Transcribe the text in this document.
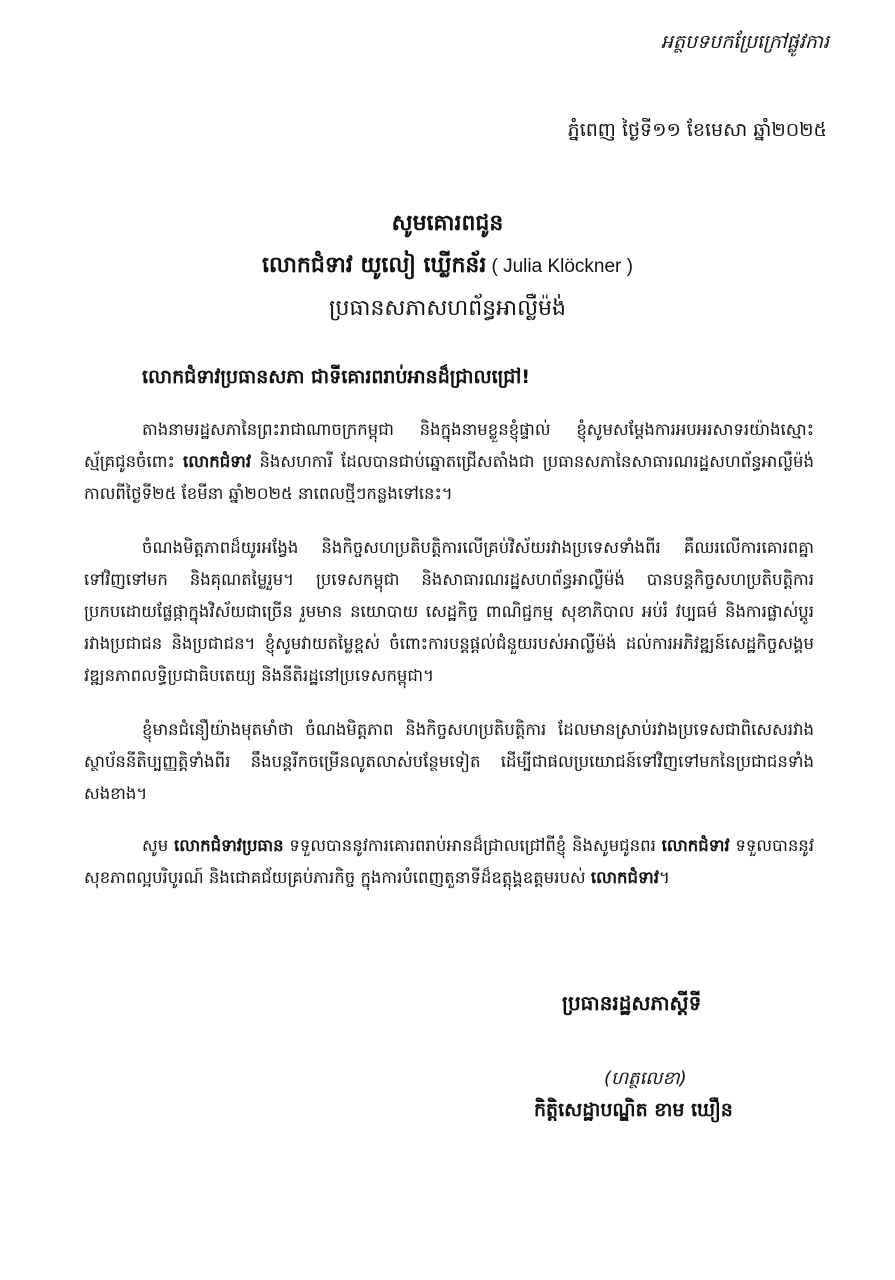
អត្ថបទបកប្រែក្រៅផ្លូវការ
ភ្នំពេញ ថ្ងៃទី១១ ខែមេសា ឆ្នាំ២០២៥
សូមគោរពជូន
លោកជំទាវ យូលៀ ឃ្លើកន័រ ( Julia Klöckner )
ប្រធានសភាសហព័ន្ធអាល្លឺម៉ង់
លោកជំទាវប្រធានសភា ជាទីគោរពរាប់អានដ៏ជ្រាលជ្រៅ!
តាងនាមរដ្ឋសភានៃព្រះរាជាណាចក្រកម្ពុជា និងក្នុងនាមខ្លួនខ្ញុំផ្ទាល់ ខ្ញុំសូមសម្តែងការអបអរសាទរយ៉ាងស្មោះស្ម័គ្រជូនចំពោះ លោកជំទាវ និងសហការី ដែលបានជាប់ឆ្នោតជ្រើសតាំងជា ប្រធានសភានៃសាធារណរដ្ឋសហព័ន្ធអាល្លឺម៉ង់ កាលពីថ្ងៃទី២៥ ខែមីនា ឆ្នាំ២០២៥ នាពេលថ្មីៗកន្លងទៅនេះ។
ចំណងមិត្តភាពដ៏យូរអង្វែង និងកិច្ចសហប្រតិបត្តិការលើគ្រប់វិស័យរវាងប្រទេសទាំងពីរ គឺឈរលើការគោរពគ្នាទៅវិញទៅមក និងគុណតម្លៃរួម។ ប្រទេសកម្ពុជា និងសាធារណរដ្ឋសហព័ន្ធអាល្លឺម៉ង់ បានបន្តកិច្ចសហប្រតិបត្តិការប្រកបដោយផ្លែផ្កាក្នុងវិស័យជាច្រើន រួមមាន នយោបាយ សេដ្ឋកិច្ច ពាណិជ្ជកម្ម សុខាភិបាល អប់រំ វប្បធម៌ និងការផ្លាស់ប្តូររវាងប្រជាជន និងប្រជាជន។ ខ្ញុំសូមវាយតម្លៃខ្ពស់ ចំពោះការបន្តផ្តល់ជំនួយរបស់អាល្លឺម៉ង់ ដល់ការអភិវឌ្ឍន៍សេដ្ឋកិច្ចសង្គម វឌ្ឍនភាពលទ្ធិប្រជាធិបតេយ្យ និងនីតិរដ្ឋនៅប្រទេសកម្ពុជា។
ខ្ញុំមានជំនឿយ៉ាងមុតមាំថា ចំណងមិត្តភាព និងកិច្ចសហប្រតិបត្តិការ ដែលមានស្រាប់រវាងប្រទេសជាពិសេសរវាងស្ថាប័ននីតិប្បញ្ញត្តិទាំងពីរ នឹងបន្តរីកចម្រើនលូតលាស់បន្ថែមទៀត ដើម្បីជាផលប្រយោជន៍ទៅវិញទៅមកនៃប្រជាជនទាំងសងខាង។
សូម លោកជំទាវប្រធាន ទទួលបាននូវការគោរពរាប់អានដ៏ជ្រាលជ្រៅពីខ្ញុំ និងសូមជូនពរ លោកជំទាវ ទទួលបាននូវសុខភាពល្អបរិបូរណ៍ និងជោគជ័យគ្រប់ភារកិច្ច ក្នុងការបំពេញតួនាទីដ៏ឧត្តុង្គឧត្តមរបស់ លោកជំទាវ។
ប្រធានរដ្ឋសភាស្តីទី
(ហត្ថលេខា)
កិត្តិសេដ្ឋាបណ្ឌិត ខាម ឃឿន
